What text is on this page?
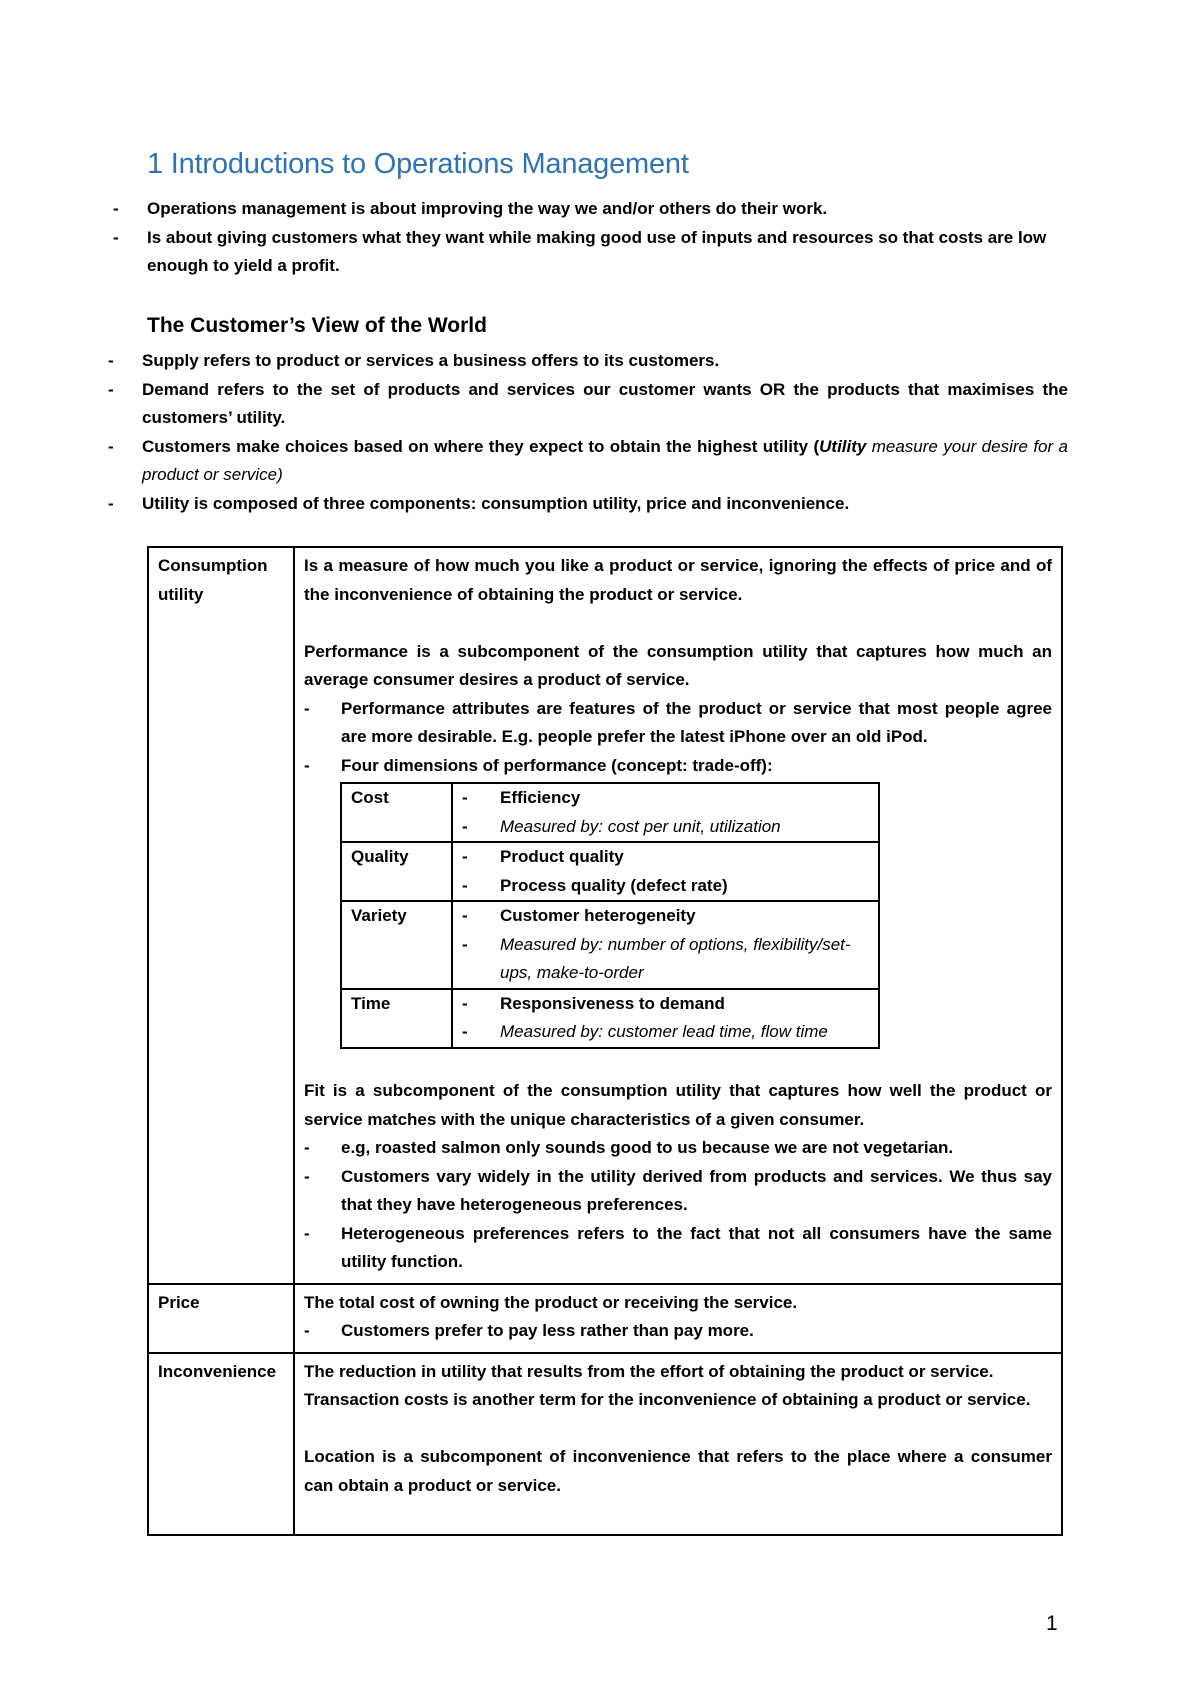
1 Introductions to Operations Management
-	Operations management is about improving the way we and/or others do their work.
-	Is about giving customers what they want while making good use of inputs and resources so that costs are low enough to yield a profit.
The Customer’s View of the World
-	Supply refers to product or services a business offers to its customers.
-	Demand refers to the set of products and services our customer wants OR the products that maximises the customers’ utility.
-	Customers make choices based on where they expect to obtain the highest utility (Utility measure your desire for a product or service)
-	Utility is composed of three components: consumption utility, price and inconvenience.
Consumption utility	

Is a measure of how much you like a product or service, ignoring the effects of price and of the inconvenience of obtaining the product or service.

Performance is a subcomponent of the consumption utility that captures how much an average consumer desires a product of service.

-	Performance attributes are features of the product or service that most people agree are more desirable. E.g. people prefer the latest iPhone over an old iPod.
-	Four dimensions of performance (concept: trade-off):
Cost	-	Efficiency
-	Measured by: cost per unit, utilization

Quality	-	Product quality
-	Process quality (defect rate)

Variety	-	Customer heterogeneity
-	Measured by: number of options, flexibility/set-ups, make-to-order

Time	-	Responsiveness to demand
-	Measured by: customer lead time, flow time

Fit is a subcomponent of the consumption utility that captures how well the product or service matches with the unique characteristics of a given consumer.

-	e.g, roasted salmon only sounds good to us because we are not vegetarian.
-	Customers vary widely in the utility derived from products and services. We thus say that they have heterogeneous preferences.
-	Heterogeneous preferences refers to the fact that not all consumers have the same utility function.

Price	The total cost of owning the product or receiving the service.

-	Customers prefer to pay less rather than pay more.

Inconvenience	The reduction in utility that results from the effort of obtaining the product or service.

Transaction costs is another term for the inconvenience of obtaining a product or service.

Location is a subcomponent of inconvenience that refers to the place where a consumer can obtain a product or service.

1
